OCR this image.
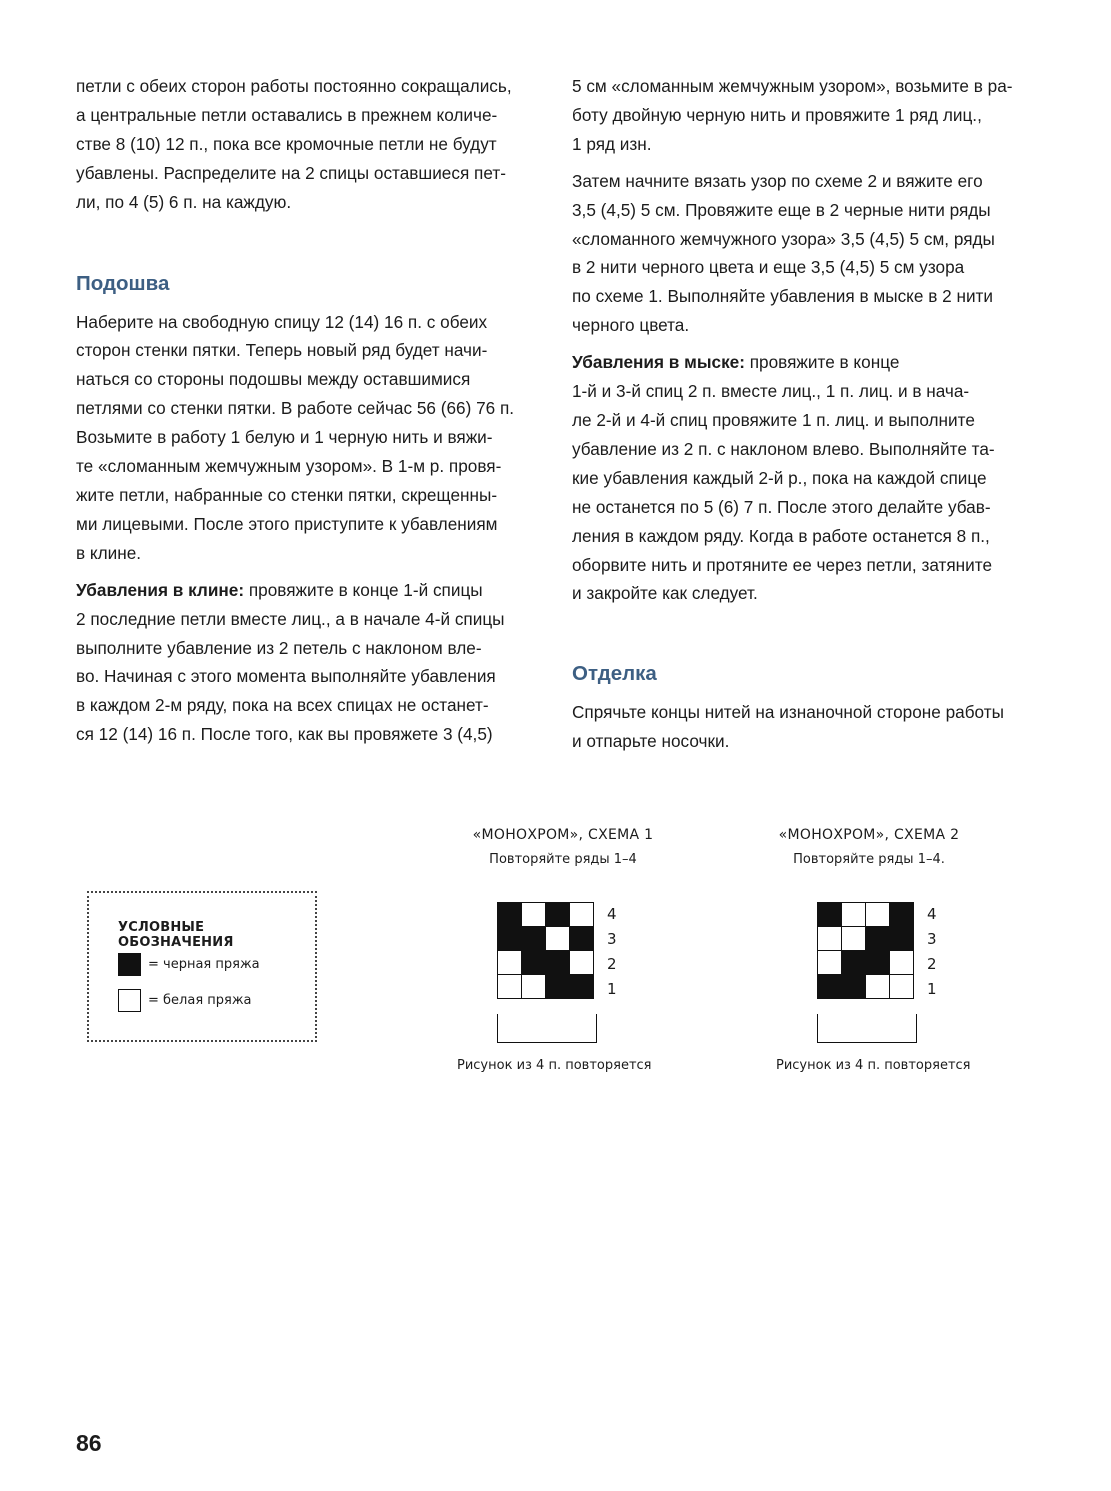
петли с обеих сторон работы постоянно сокращались,
а центральные петли оставались в прежнем количе-
стве 8 (10) 12 п., пока все кромочные петли не будут
убавлены. Распределите на 2 спицы оставшиеся пет-
ли, по 4 (5) 6 п. на каждую.

Подошва

Наберите на свободную спицу 12 (14) 16 п. с обеих
сторон стенки пятки. Теперь новый ряд будет начи-
наться со стороны подошвы между оставшимися
петлями со стенки пятки. В работе сейчас 56 (66) 76 п.
Возьмите в работу 1 белую и 1 черную нить и вяжи-
те «сломанным жемчужным узором». В 1-м р. провя-
жите петли, набранные со стенки пятки, скрещенны-
ми лицевыми. После этого приступите к убавлениям
в клине.

Убавления в клине: провяжите в конце 1-й спицы
2 последние петли вместе лиц., а в начале 4-й спицы
выполните убавление из 2 петель с наклоном вле-
во. Начиная с этого момента выполняйте убавления
в каждом 2-м ряду, пока на всех спицах не останет-
ся 12 (14) 16 п. После того, как вы провяжете 3 (4,5)

5 см «сломанным жемчужным узором», возьмите в ра-
боту двойную черную нить и провяжите 1 ряд лиц.,
1 ряд изн.

Затем начните вязать узор по схеме 2 и вяжите его
3,5 (4,5) 5 см. Провяжите еще в 2 черные нити ряды
«сломанного жемчужного узора» 3,5 (4,5) 5 см, ряды
в 2 нити черного цвета и еще 3,5 (4,5) 5 см узора
по схеме 1. Выполняйте убавления в мыске в 2 нити
черного цвета.

Убавления в мыске: провяжите в конце
1-й и 3-й спиц 2 п. вместе лиц., 1 п. лиц. и в нача-
ле 2-й и 4-й спиц провяжите 1 п. лиц. и выполните
убавление из 2 п. с наклоном влево. Выполняйте та-
кие убавления каждый 2-й р., пока на каждой спице
не останется по 5 (6) 7 п. После этого делайте убав-
ления в каждом ряду. Когда в работе останется 8 п.,
оборвите нить и протяните ее через петли, затяните
и закройте как следует.

Отделка

Спрячьте концы нитей на изнаночной стороне работы
и отпарьте носочки.

УСЛОВНЫЕ ОБОЗНАЧЕНИЯ
= черная пряжа
= белая пряжа
«МОНОХРОМ», СХЕМА 1
Повторяйте ряды 1–4
4
3
2
1
Рисунок из 4 п. повторяется
«МОНОХРОМ», СХЕМА 2
Повторяйте ряды 1–4.
4
3
2
1
Рисунок из 4 п. повторяется
86
